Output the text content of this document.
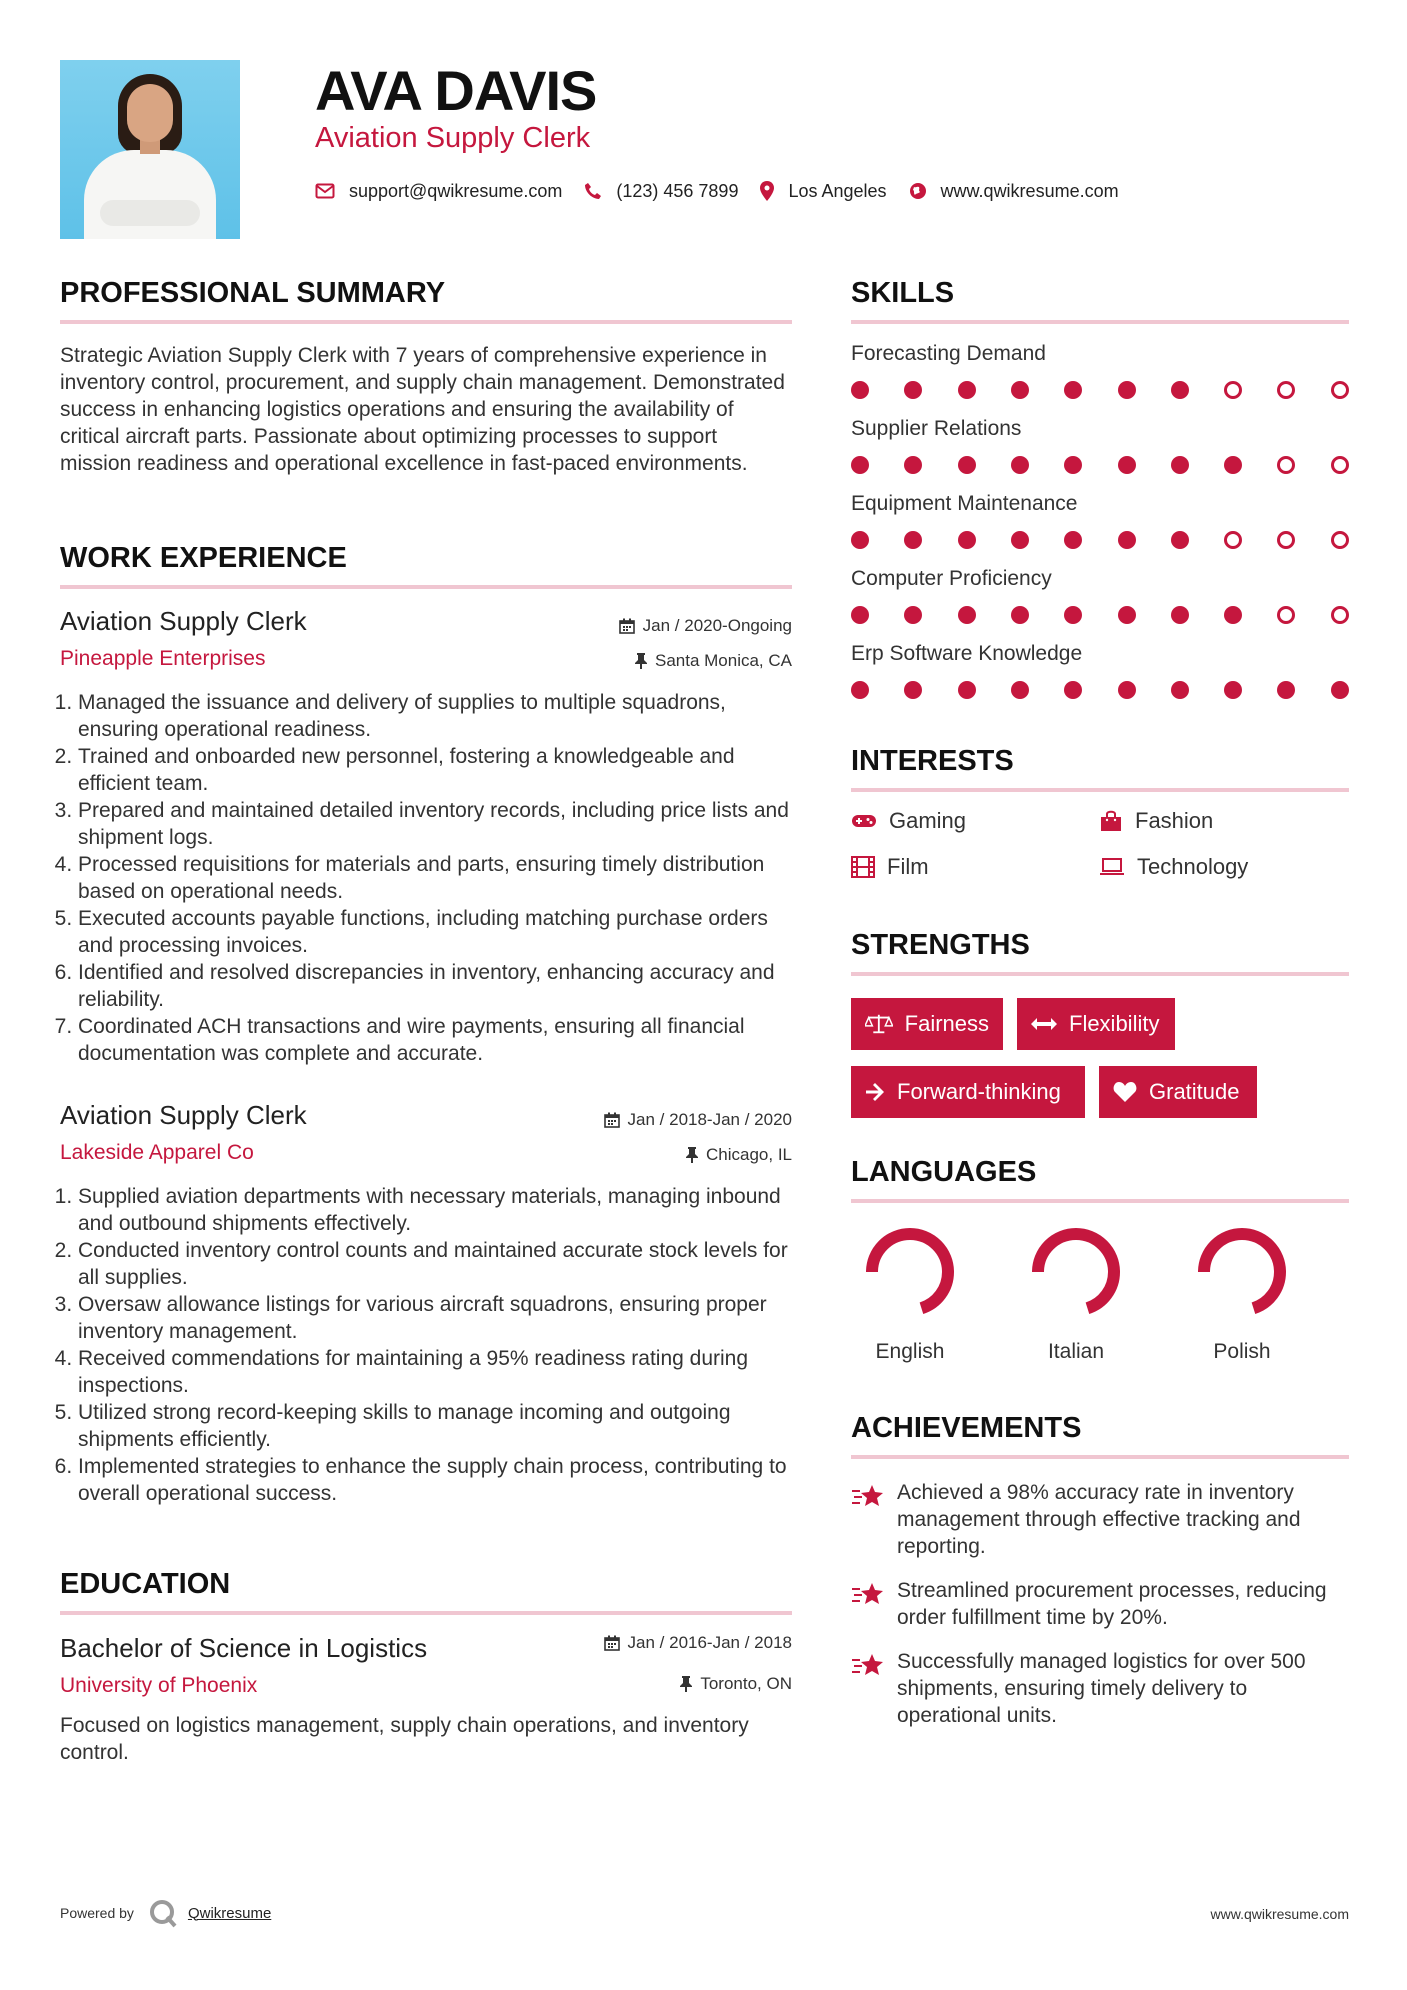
AVA DAVIS
Aviation Supply Clerk
support@qwikresume.com	(123) 456 7899	Los Angeles	www.qwikresume.com
PROFESSIONAL SUMMARY
Strategic Aviation Supply Clerk with 7 years of comprehensive experience in inventory control, procurement, and supply chain management. Demonstrated success in enhancing logistics operations and ensuring the availability of critical aircraft parts. Passionate about optimizing processes to support mission readiness and operational excellence in fast-paced environments.
WORK EXPERIENCE
Aviation Supply Clerk	Jan / 2020-Ongoing
Pineapple Enterprises	Santa Monica, CA
1. Managed the issuance and delivery of supplies to multiple squadrons, ensuring operational readiness.
2. Trained and onboarded new personnel, fostering a knowledgeable and efficient team.
3. Prepared and maintained detailed inventory records, including price lists and shipment logs.
4. Processed requisitions for materials and parts, ensuring timely distribution based on operational needs.
5. Executed accounts payable functions, including matching purchase orders and processing invoices.
6. Identified and resolved discrepancies in inventory, enhancing accuracy and reliability.
7. Coordinated ACH transactions and wire payments, ensuring all financial documentation was complete and accurate.
Aviation Supply Clerk	Jan / 2018-Jan / 2020
Lakeside Apparel Co	Chicago, IL
1. Supplied aviation departments with necessary materials, managing inbound and outbound shipments effectively.
2. Conducted inventory control counts and maintained accurate stock levels for all supplies.
3. Oversaw allowance listings for various aircraft squadrons, ensuring proper inventory management.
4. Received commendations for maintaining a 95% readiness rating during inspections.
5. Utilized strong record-keeping skills to manage incoming and outgoing shipments efficiently.
6. Implemented strategies to enhance the supply chain process, contributing to overall operational success.
EDUCATION
Bachelor of Science in Logistics	Jan / 2016-Jan / 2018
University of Phoenix	Toronto, ON
Focused on logistics management, supply chain operations, and inventory control.
SKILLS
Forecasting Demand
Supplier Relations
Equipment Maintenance
Computer Proficiency
Erp Software Knowledge
INTERESTS
Gaming	Fashion
Film	Technology
STRENGTHS
Fairness	Flexibility
Forward-thinking	Gratitude
LANGUAGES
English	Italian	Polish
ACHIEVEMENTS
Achieved a 98% accuracy rate in inventory management through effective tracking and reporting.
Streamlined procurement processes, reducing order fulfillment time by 20%.
Successfully managed logistics for over 500 shipments, ensuring timely delivery to operational units.
Powered by	Qwikresume	www.qwikresume.com
